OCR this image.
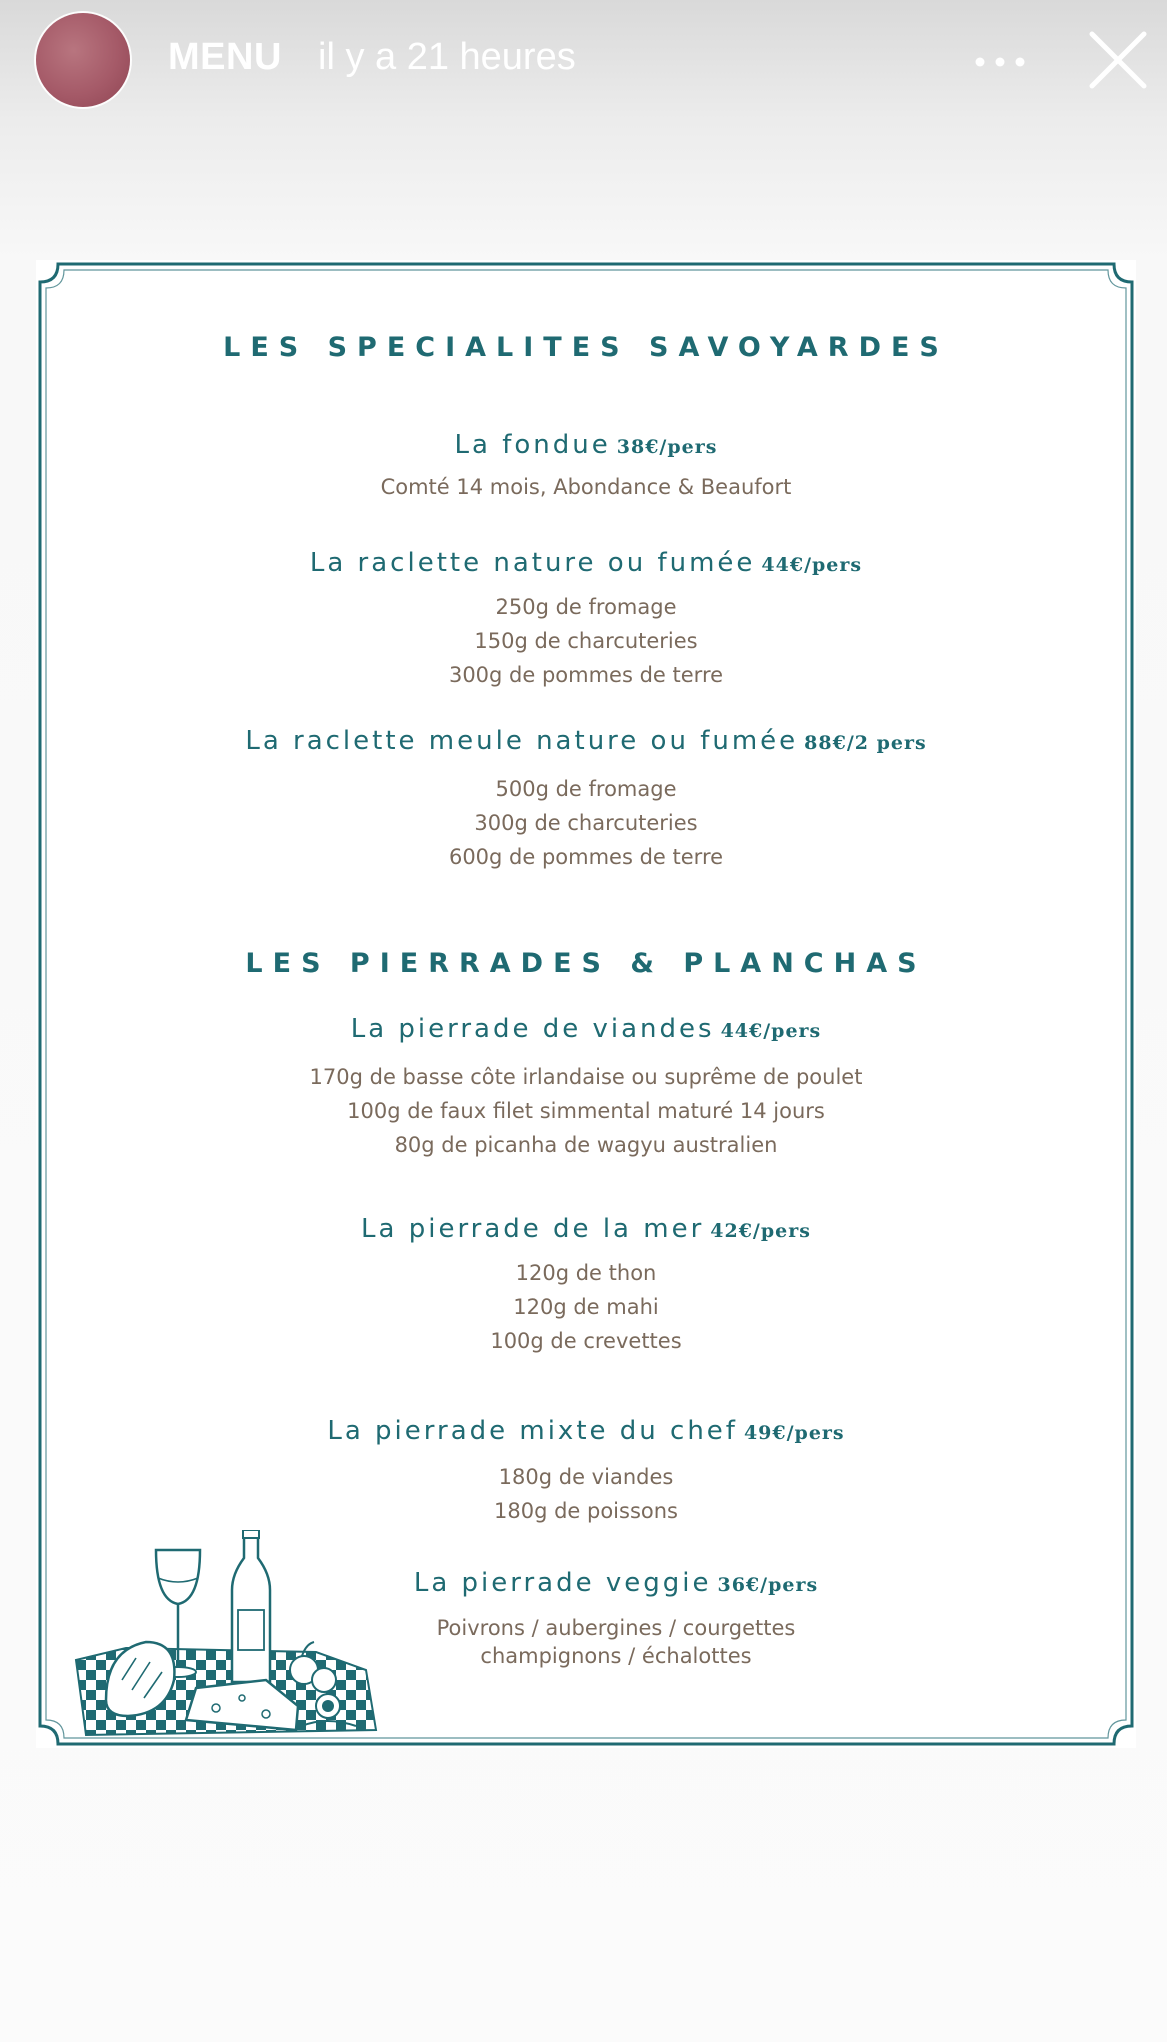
MENU il y a 21 heures
LES SPECIALITES SAVOYARDES
La fondue 38€/pers
Comté 14 mois, Abondance & Beaufort
La raclette nature ou fumée 44€/pers
250g de fromage
150g de charcuteries
300g de pommes de terre
La raclette meule nature ou fumée 88€/2 pers
500g de fromage
300g de charcuteries
600g de pommes de terre
LES PIERRADES & PLANCHAS
La pierrade de viandes 44€/pers
170g de basse côte irlandaise ou suprême de poulet
100g de faux filet simmental maturé 14 jours
80g de picanha de wagyu australien
La pierrade de la mer 42€/pers
120g de thon
120g de mahi
100g de crevettes
La pierrade mixte du chef 49€/pers
180g de viandes
180g de poissons
La pierrade veggie 36€/pers
Poivrons / aubergines / courgettes
champignons / échalottes
